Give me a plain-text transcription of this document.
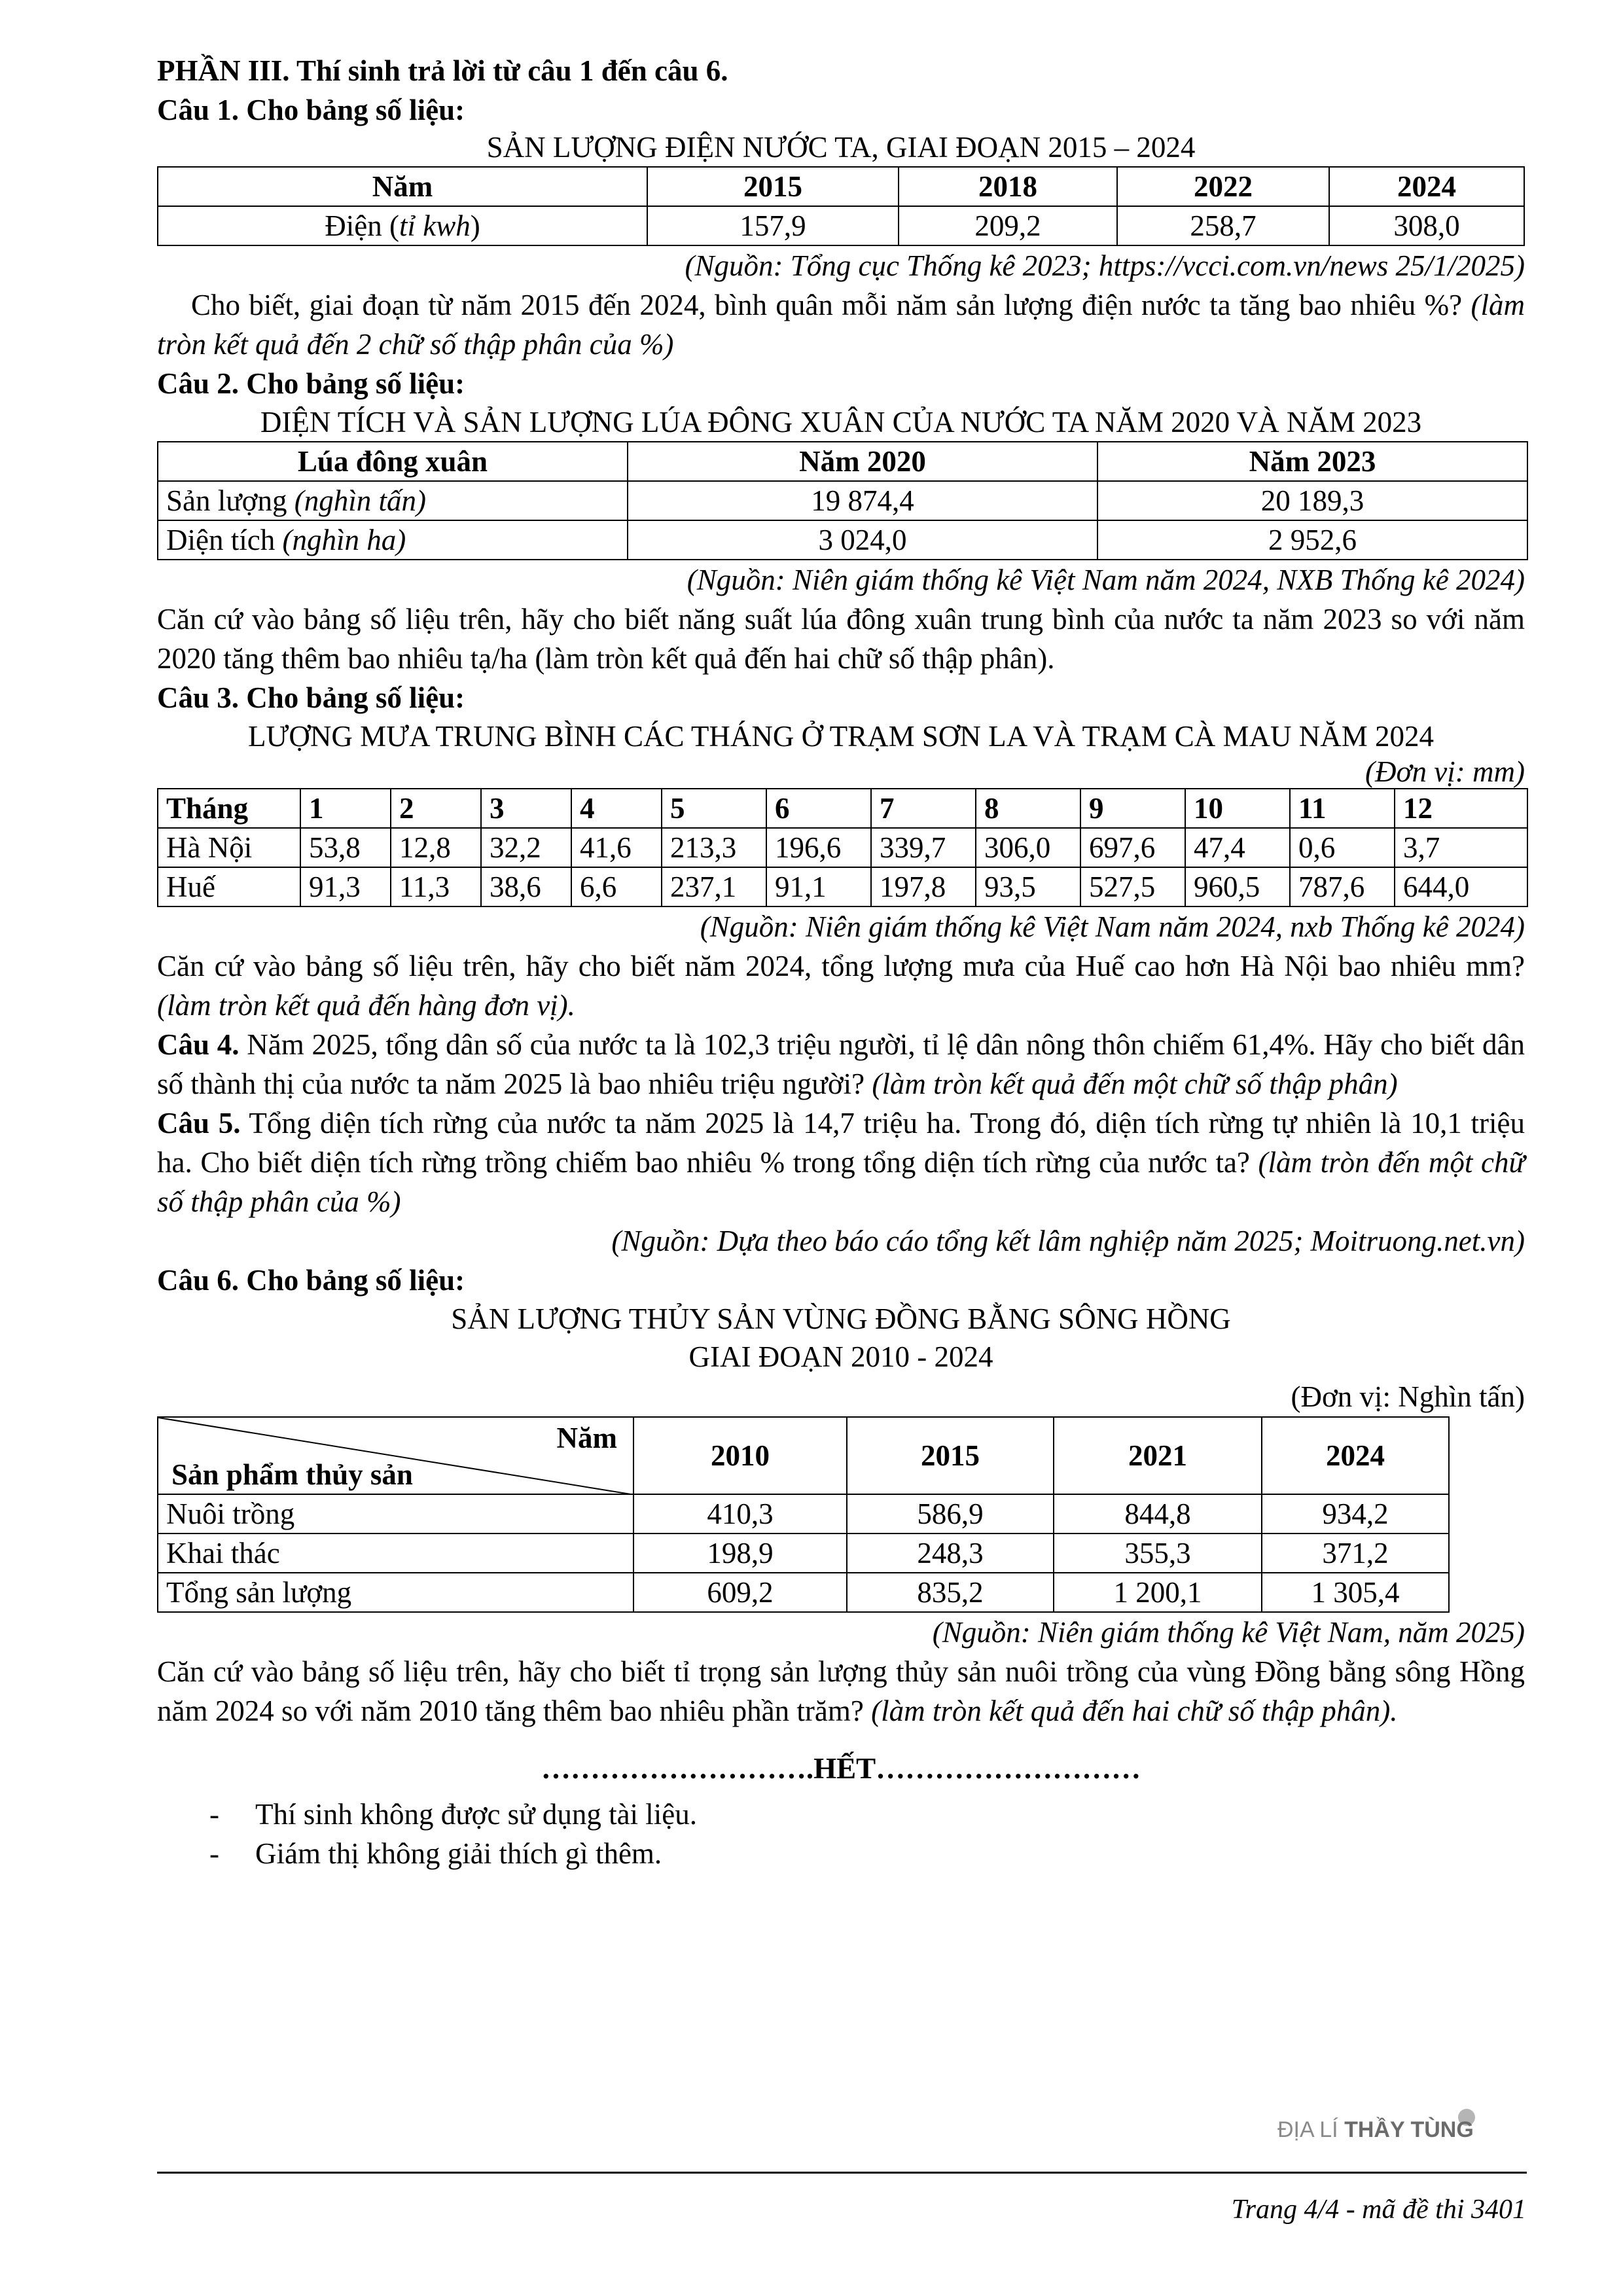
PHẦN III. Thí sinh trả lời từ câu 1 đến câu 6.
Câu 1. Cho bảng số liệu:
SẢN LƯỢNG ĐIỆN NƯỚC TA, GIAI ĐOẠN 2015 – 2024
Năm	2015	2018	2022	2024
Điện (tỉ kwh)	157,9	209,2	258,7	308,0
(Nguồn: Tổng cục Thống kê 2023; https://vcci.com.vn/news 25/1/2025)
Cho biết, giai đoạn từ năm 2015 đến 2024, bình quân mỗi năm sản lượng điện nước ta tăng bao nhiêu %? (làm tròn kết quả đến 2 chữ số thập phân của %)
Câu 2. Cho bảng số liệu:
DIỆN TÍCH VÀ SẢN LƯỢNG LÚA ĐÔNG XUÂN CỦA NƯỚC TA NĂM 2020 VÀ NĂM 2023
Lúa đông xuân	Năm 2020	Năm 2023
Sản lượng (nghìn tấn)	19 874,4	20 189,3
Diện tích (nghìn ha)	3 024,0	2 952,6
(Nguồn: Niên giám thống kê Việt Nam năm 2024, NXB Thống kê 2024)
Căn cứ vào bảng số liệu trên, hãy cho biết năng suất lúa đông xuân trung bình của nước ta năm 2023 so với năm 2020 tăng thêm bao nhiêu tạ/ha (làm tròn kết quả đến hai chữ số thập phân).
Câu 3. Cho bảng số liệu:
LƯỢNG MƯA TRUNG BÌNH CÁC THÁNG Ở TRẠM SƠN LA VÀ TRẠM CÀ MAU NĂM 2024
(Đơn vị: mm)
Tháng	1	2	3	4	5	6	7	8	9	10	11	12
Hà Nội	53,8	12,8	32,2	41,6	213,3	196,6	339,7	306,0	697,6	47,4	0,6	3,7
Huế	91,3	11,3	38,6	6,6	237,1	91,1	197,8	93,5	527,5	960,5	787,6	644,0
(Nguồn: Niên giám thống kê Việt Nam năm 2024, nxb Thống kê 2024)
Căn cứ vào bảng số liệu trên, hãy cho biết năm 2024, tổng lượng mưa của Huế cao hơn Hà Nội bao nhiêu mm? (làm tròn kết quả đến hàng đơn vị).
Câu 4. Năm 2025, tổng dân số của nước ta là 102,3 triệu người, tỉ lệ dân nông thôn chiếm 61,4%. Hãy cho biết dân số thành thị của nước ta năm 2025 là bao nhiêu triệu người? (làm tròn kết quả đến một chữ số thập phân)
Câu 5. Tổng diện tích rừng của nước ta năm 2025 là 14,7 triệu ha. Trong đó, diện tích rừng tự nhiên là 10,1 triệu ha. Cho biết diện tích rừng trồng chiếm bao nhiêu % trong tổng diện tích rừng của nước ta? (làm tròn đến một chữ số thập phân của %)
(Nguồn: Dựa theo báo cáo tổng kết lâm nghiệp năm 2025; Moitruong.net.vn)
Câu 6. Cho bảng số liệu:
SẢN LƯỢNG THỦY SẢN VÙNG ĐỒNG BẰNG SÔNG HỒNG
GIAI ĐOẠN 2010 - 2024
(Đơn vị: Nghìn tấn)
Năm
Sản phẩm thủy sản	2010	2015	2021	2024
Nuôi trồng	410,3	586,9	844,8	934,2
Khai thác	198,9	248,3	355,3	371,2
Tổng sản lượng	609,2	835,2	1 200,1	1 305,4
(Nguồn: Niên giám thống kê Việt Nam, năm 2025)
Căn cứ vào bảng số liệu trên, hãy cho biết tỉ trọng sản lượng thủy sản nuôi trồng của vùng Đồng bằng sông Hồng năm 2024 so với năm 2010 tăng thêm bao nhiêu phần trăm? (làm tròn kết quả đến hai chữ số thập phân).
……………………….HẾT………………………
- Thí sinh không được sử dụng tài liệu.
- Giám thị không giải thích gì thêm.
ĐỊA LÍ THẦY TÙNG
Trang 4/4 - mã đề thi 3401
